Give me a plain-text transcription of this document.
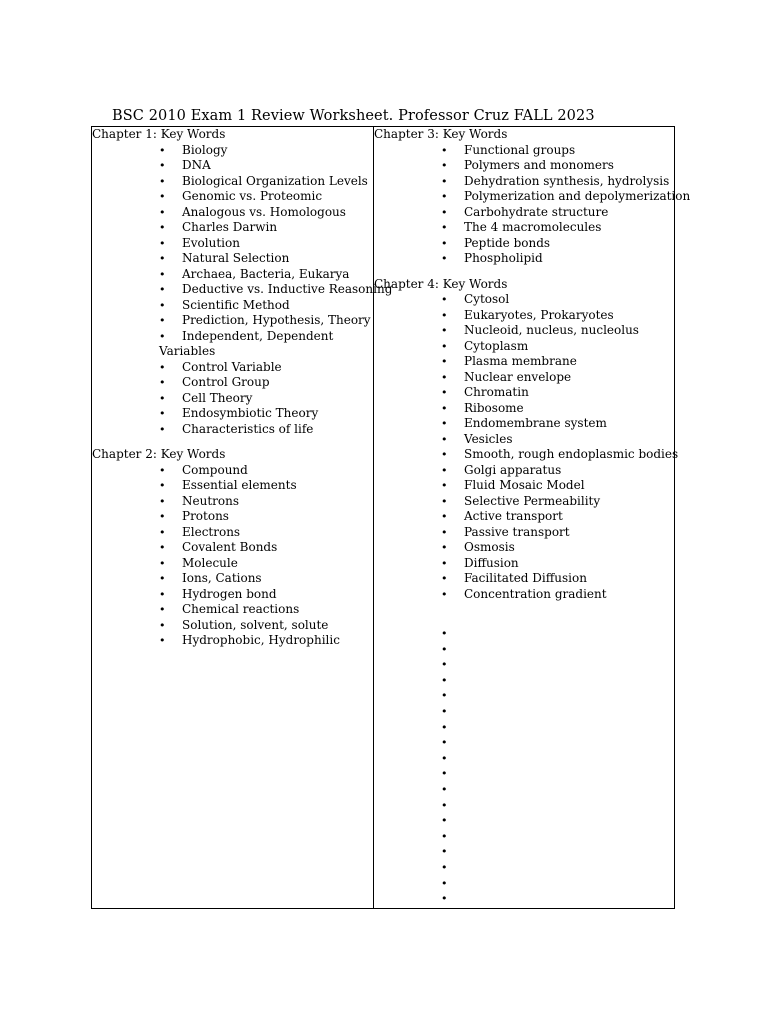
BSC 2010 Exam 1 Review Worksheet. Professor Cruz FALL 2023
Chapter 1: Key Words
• Biology
• DNA
• Biological Organization Levels
• Genomic vs. Proteomic
• Analogous vs. Homologous
• Charles Darwin
• Evolution
• Natural Selection
• Archaea, Bacteria, Eukarya
• Deductive vs. Inductive Reasoning
• Scientific Method
• Prediction, Hypothesis, Theory
• Independent, Dependent
Variables
• Control Variable
• Control Group
• Cell Theory
• Endosymbiotic Theory
• Characteristics of life
Chapter 2: Key Words
• Compound
• Essential elements
• Neutrons
• Protons
• Electrons
• Covalent Bonds
• Molecule
• Ions, Cations
• Hydrogen bond
• Chemical reactions
• Solution, solvent, solute
• Hydrophobic, Hydrophilic
Chapter 3: Key Words
• Functional groups
• Polymers and monomers
• Dehydration synthesis, hydrolysis
• Polymerization and depolymerization
• Carbohydrate structure
• The 4 macromolecules
• Peptide bonds
• Phospholipid
Chapter 4: Key Words
• Cytosol
• Eukaryotes, Prokaryotes
• Nucleoid, nucleus, nucleolus
• Cytoplasm
• Plasma membrane
• Nuclear envelope
• Chromatin
• Ribosome
• Endomembrane system
• Vesicles
• Smooth, rough endoplasmic bodies
• Golgi apparatus
• Fluid Mosaic Model
• Selective Permeability
• Active transport
• Passive transport
• Osmosis
• Diffusion
• Facilitated Diffusion
• Concentration gradient
•
•
•
•
•
•
•
•
•
•
•
•
•
•
•
•
•
•
